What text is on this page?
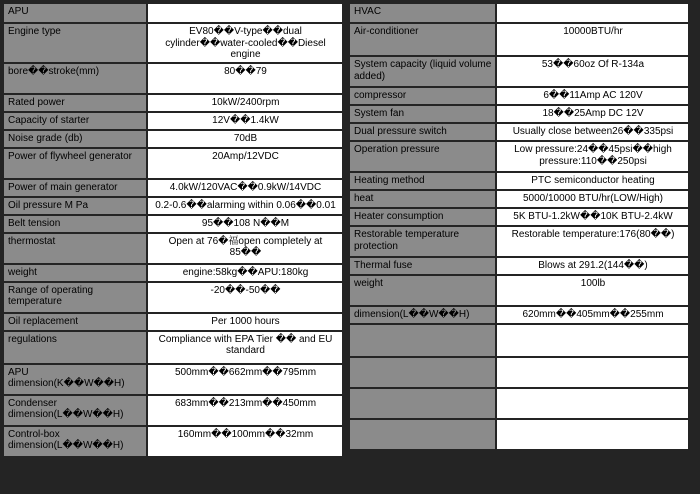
APU	
Engine type	EV80��V-type��dual cylinder��water-cooled��Diesel engine
bore��stroke(mm)	80��79
Rated power	10kW/2400rpm
Capacity of starter	12V��1.4kW
Noise grade (db)	70dB
Power of flywheel generator	20Amp/12VDC
Power of main generator	4.0kW/120VAC��0.9kW/14VDC
Oil pressure M Pa	0.2-0.6��alarming within 0.06��0.01
Belt tension	95��108 N��M
thermostat	Open at 76�福open completely at 85��
weight	engine:58kg��APU:180kg
Range of operating temperature	-20��-50��
Oil replacement	Per 1000 hours
regulations	Compliance with EPA Tier �� and EU standard
APU dimension(K��W��H)	500mm��662mm��795mm
Condenser dimension(L��W��H)	683mm��213mm��450mm
Control-box dimension(L��W��H)	160mm��100mm��32mm
HVAC	
Air-conditioner	10000BTU/hr
System capacity (liquid volume added)	53��60oz Of R-134a
compressor	6��11Amp AC 120V
System fan	18��25Amp DC 12V
Dual pressure switch	Usually close between26��335psi
Operation pressure	Low pressure:24��45psi��high pressure:110��250psi
Heating method	PTC semiconductor heating
heat	5000/10000 BTU/hr(LOW/High)
Heater consumption	5K BTU-1.2kW��10K BTU-2.4kW
Restorable temperature protection	Restorable temperature:176(80��)
Thermal fuse	Blows at 291.2(144��)
weight	100lb
dimension(L��W��H)	620mm��405mm��255mm
